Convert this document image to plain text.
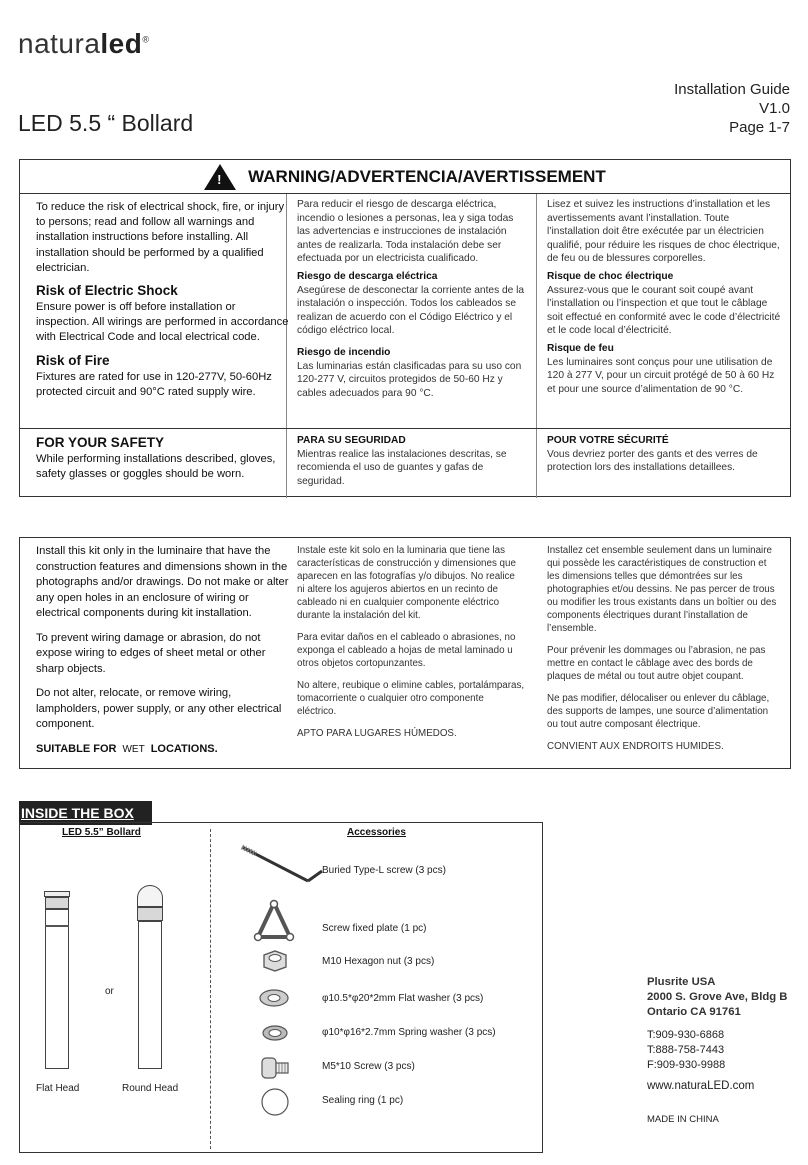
naturaled®
Installation Guide
V1.0
Page 1-7
LED 5.5 “ Bollard
! WARNING/ADVERTENCIA/AVERTISSEMENT
To reduce the risk of electrical shock, fire, or injury to persons; read and follow all warnings and installation instructions before installing. All installation should be performed by a qualified electrician.
Risk of Electric Shock
Ensure power is off before installation or inspection. All wirings are performed in accordance with Electrical Code and local electrical code.
Risk of Fire
Fixtures are rated for use in 120-277V, 50-60Hz protected circuit and 90°C rated supply wire.
FOR YOUR SAFETY
While performing installations described, gloves, safety glasses or goggles should be worn.
Para reducir el riesgo de descarga eléctrica, incendio o lesiones a personas, lea y siga todas las advertencias e instrucciones de instalación antes de realizarla. Toda instalación debe ser efectuada por un electricista cualificado.
Riesgo de descarga eléctrica
Asegúrese de desconectar la corriente antes de la instalación o inspección. Todos los cableados se realizan de acuerdo con el Código Eléctrico y el código eléctrico local.
Riesgo de incendio
Las luminarias están clasificadas para su uso con 120-277 V, circuitos protegidos de 50-60 Hz y cables adecuados para 90 °C.
PARA SU SEGURIDAD
Mientras realice las instalaciones descritas, se recomienda el uso de guantes y gafas de seguridad.
Lisez et suivez les instructions d’installation et les avertissements avant l’installation. Toute l’installation doit être exécutée par un électricien qualifié, pour réduire les risques de choc électrique, de feu ou de blessures corporelles.
Risque de choc électrique
Assurez-vous que le courant soit coupé avant l’installation ou l’inspection et que tout le câblage soit effectué en conformité avec le code d’électricité et le code local d’électricité.
Risque de feu
Les luminaires sont conçus pour une utilisation de 120 à 277 V, pour un circuit protégé de 50 à 60 Hz et pour une source d’alimentation de 90 °C.
POUR VOTRE SÉCURITÉ
Vous devriez porter des gants et des verres de protection lors des installations detaillees.

Install this kit only in the luminaire that have the construction features and dimensions shown in the photographs and/or drawings. Do not make or alter any open holes in an enclosure of wiring or electrical components during kit installation.

To prevent wiring damage or abrasion, do not expose wiring to edges of sheet metal or other sharp objects.

Do not alter, relocate, or remove wiring, lampholders, power supply, or any other electrical component.

SUITABLE FOR WET LOCATIONS.

Instale este kit solo en la luminaria que tiene las características de construcción y dimensiones que aparecen en las fotografías y/o dibujos. No realice ni altere los agujeros abiertos en un recinto de cableado ni en cualquier componente eléctrico durante la instalación del kit.

Para evitar daños en el cableado o abrasiones, no exponga el cableado a hojas de metal laminado u otros objetos cortopunzantes.

No altere, reubique o elimine cables, portalámparas, tomacorriente o cualquier otro componente eléctrico.

APTO PARA LUGARES HÚMEDOS.

Installez cet ensemble seulement dans un luminaire qui possède les caractéristiques de construction et les dimensions telles que démontrées sur les photographies et/ou dessins. Ne pas percer de trous ou modifier les trous existants dans un boîtier ou des components électriques durant l’installation de l’ensemble.

Pour prévenir les dommages ou l’abrasion, ne pas mettre en contact le câblage avec des bords de plaques de métal ou tout autre objet coupant.

Ne pas modifier, délocaliser ou enlever du câblage, des supports de lampes, une source d’alimentation ou tout autre composant électrique.

CONVIENT AUX ENDROITS HUMIDES.

INSIDE THE BOX
LED 5.5” Bollard
or
Flat Head	Round Head
Accessories
Buried Type-L screw (3 pcs)
Screw fixed plate (1 pc)
M10 Hexagon nut (3 pcs)
φ10.5*φ20*2mm Flat washer (3 pcs)
φ10*φ16*2.7mm Spring washer (3 pcs)
M5*10 Screw (3 pcs)
Sealing ring (1 pc)
Plusrite USA
2000 S. Grove Ave, Bldg B
Ontario CA 91761
T:909-930-6868
T:888-758-7443
F:909-930-9988
www.naturaLED.com
MADE IN CHINA
